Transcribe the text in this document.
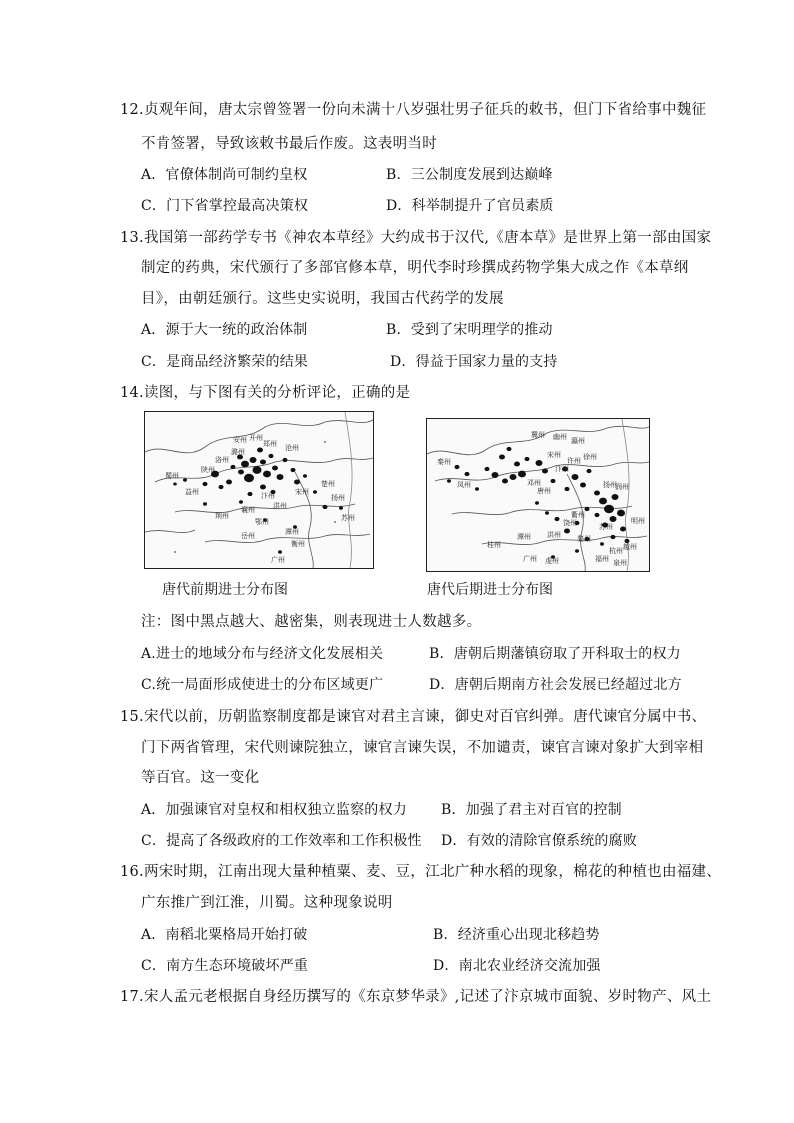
12.贞观年间，唐太宗曾签署一份向未满十八岁强壮男子征兵的敕书，但门下省给事中魏征
不肯签署，导致该敕书最后作废。这表明当时
A．官僚体制尚可制约皇权	B．三公制度发展到达巅峰
C．门下省掌控最高决策权	D．科举制提升了官员素质
13.我国第一部药学专书《神农本草经》大约成书于汉代,《唐本草》是世界上第一部由国家
制定的药典，宋代颁行了多部官修本草，明代李时珍撰成药物学集大成之作《本草纲
目》，由朝廷颁行。这些史实说明，我国古代药学的发展
A．源于大一统的政治体制	B．受到了宋明理学的推动
C．是商品经济繁荣的结果	D．得益于国家力量的支持
14.读图，与下图有关的分析评论，正确的是
安州 郑州
开州
潞州	沧州
洛州
陕州
汴州	宋州
楚州
扬州
苏州
襄州
鄂州
洪州
潭州
衡州
广州
蜀州
益州
荆州
岳州
冀州 幽州 瀛州
徐州
宋州
许州
邓州
唐州
汴州
扬州
润州
苏州
杭州 越州
明州
婺州
衢州
洪州
饶州
虔州	福州 泉州
潭州
广州
桂州
秦州
凤州
唐代前期进士分布图	唐代后期进士分布图
注：图中黑点越大、越密集，则表现进士人数越多。
A.进士的地域分布与经济文化发展相关	B．唐朝后期藩镇窃取了开科取士的权力
C.统一局面形成使进士的分布区域更广	D．唐朝后期南方社会发展已经超过北方
15.宋代以前，历朝监察制度都是谏官对君主言谏，御史对百官纠弹。唐代谏官分属中书、
门下两省管理，宋代则谏院独立，谏官言谏失误，不加谴责，谏官言谏对象扩大到宰相
等百官。这一变化
A．加强谏官对皇权和相权独立监察的权力 B．加强了君主对百官的控制
C．提高了各级政府的工作效率和工作积极性 D．有效的清除官僚系统的腐败
16.两宋时期，江南出现大量种植粟、麦、豆，江北广种水稻的现象，棉花的种植也由福建、
广东推广到江淮，川蜀。这种现象说明
A．南稻北粟格局开始打破	B．经济重心出现北移趋势
C．南方生态环境破坏严重	D．南北农业经济交流加强
17.宋人孟元老根据自身经历撰写的《东京梦华录》,记述了汴京城市面貌、岁时物产、风土
